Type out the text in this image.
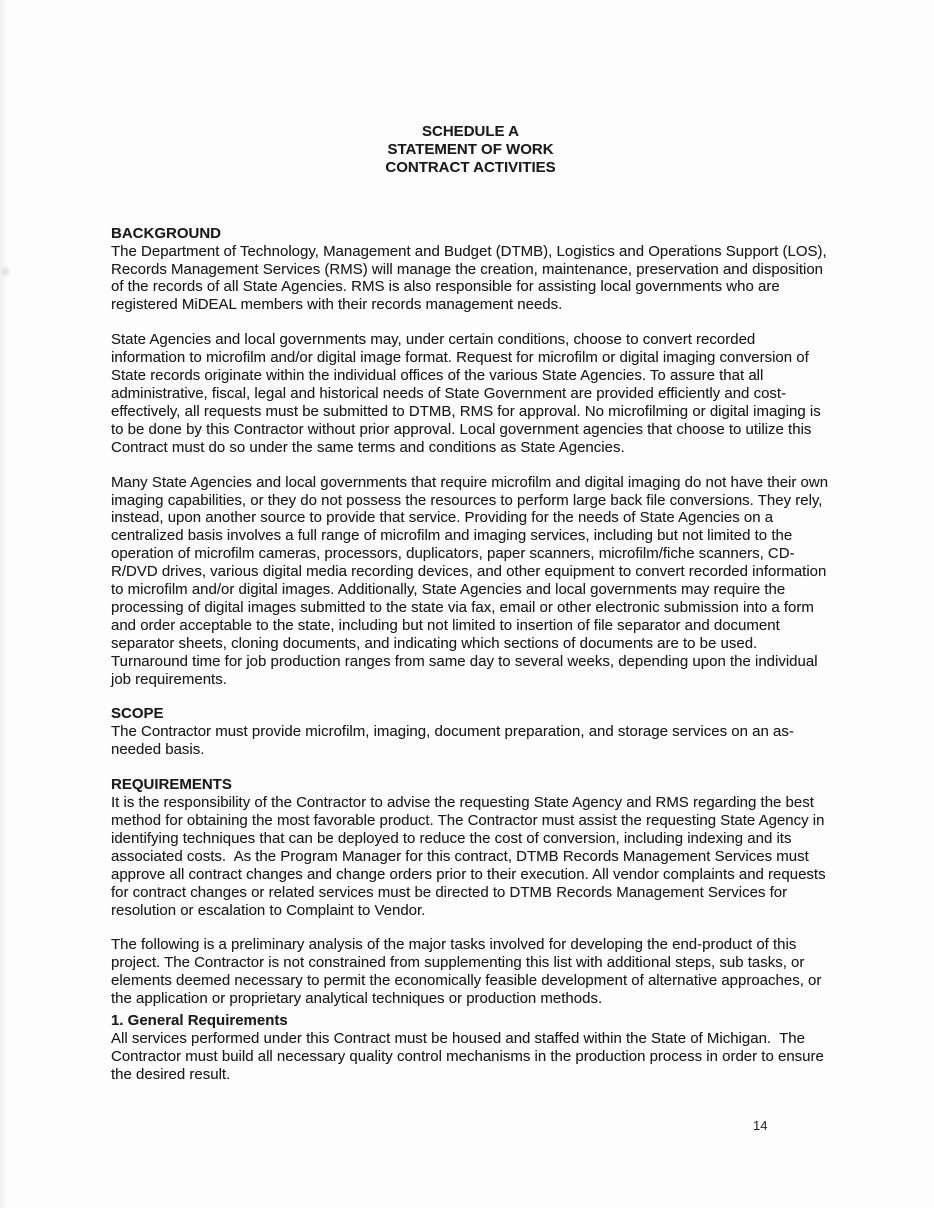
SCHEDULE A
STATEMENT OF WORK
CONTRACT ACTIVITIES
BACKGROUND

The Department of Technology, Management and Budget (DTMB), Logistics and Operations Support (LOS), Records Management Services (RMS) will manage the creation, maintenance, preservation and disposition of the records of all State Agencies. RMS is also responsible for assisting local governments who are registered MiDEAL members with their records management needs.

State Agencies and local governments may, under certain conditions, choose to convert recorded information to microfilm and/or digital image format. Request for microfilm or digital imaging conversion of State records originate within the individual offices of the various State Agencies. To assure that all administrative, fiscal, legal and historical needs of State Government are provided efficiently and cost-effectively, all requests must be submitted to DTMB, RMS for approval. No microfilming or digital imaging is to be done by this Contractor without prior approval. Local government agencies that choose to utilize this Contract must do so under the same terms and conditions as State Agencies.

Many State Agencies and local governments that require microfilm and digital imaging do not have their own imaging capabilities, or they do not possess the resources to perform large back file conversions. They rely, instead, upon another source to provide that service. Providing for the needs of State Agencies on a centralized basis involves a full range of microfilm and imaging services, including but not limited to the operation of microfilm cameras, processors, duplicators, paper scanners, microfilm/fiche scanners, CD-R/DVD drives, various digital media recording devices, and other equipment to convert recorded information to microfilm and/or digital images. Additionally, State Agencies and local governments may require the processing of digital images submitted to the state via fax, email or other electronic submission into a form and order acceptable to the state, including but not limited to insertion of file separator and document separator sheets, cloning documents, and indicating which sections of documents are to be used. Turnaround time for job production ranges from same day to several weeks, depending upon the individual job requirements.

SCOPE

The Contractor must provide microfilm, imaging, document preparation, and storage services on an as-needed basis.

REQUIREMENTS

It is the responsibility of the Contractor to advise the requesting State Agency and RMS regarding the best method for obtaining the most favorable product. The Contractor must assist the requesting State Agency in identifying techniques that can be deployed to reduce the cost of conversion, including indexing and its associated costs.  As the Program Manager for this contract, DTMB Records Management Services must approve all contract changes and change orders prior to their execution. All vendor complaints and requests for contract changes or related services must be directed to DTMB Records Management Services for resolution or escalation to Complaint to Vendor.

The following is a preliminary analysis of the major tasks involved for developing the end-product of this project. The Contractor is not constrained from supplementing this list with additional steps, sub tasks, or elements deemed necessary to permit the economically feasible development of alternative approaches, or the application or proprietary analytical techniques or production methods.

1. General Requirements

All services performed under this Contract must be housed and staffed within the State of Michigan.  The Contractor must build all necessary quality control mechanisms in the production process in order to ensure the desired result.

14
